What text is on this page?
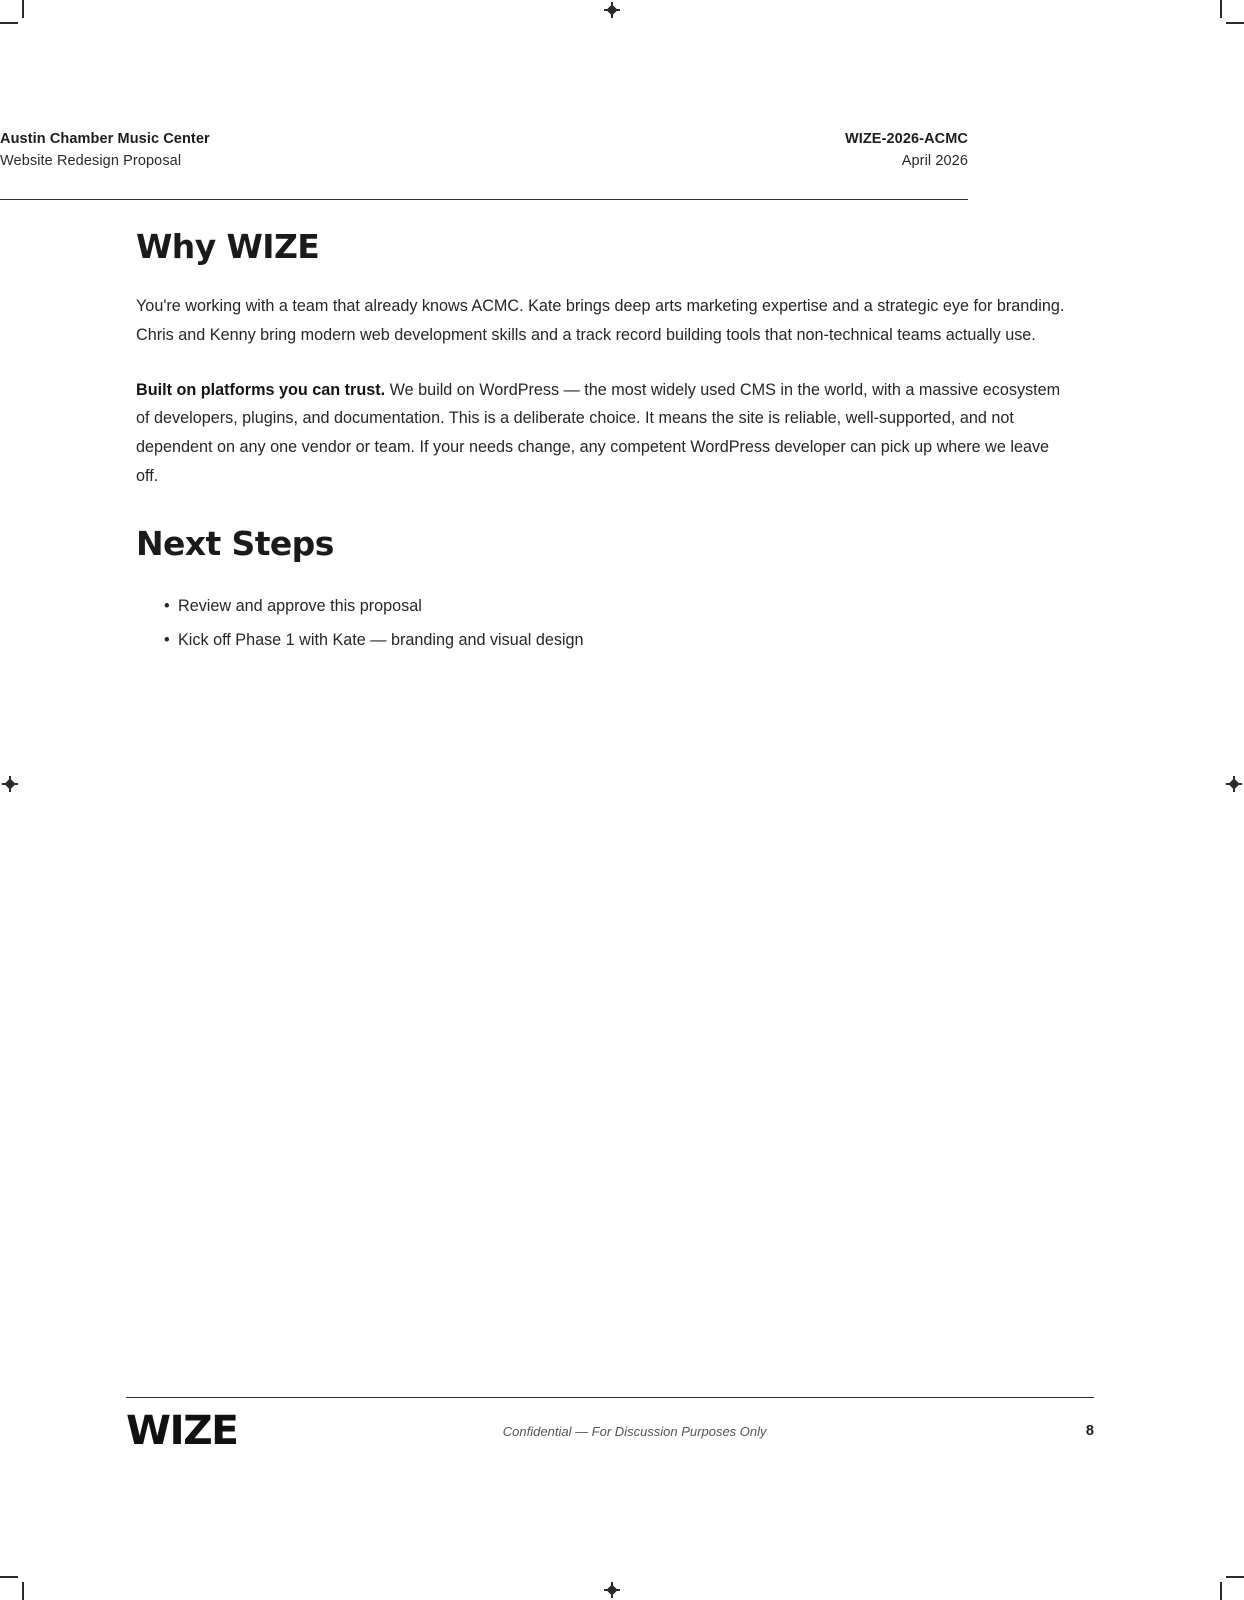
Austin Chamber Music Center
Website Redesign Proposal
WIZE-2026-ACMC
April 2026
Why WIZE

You're working with a team that already knows ACMC. Kate brings deep arts marketing expertise and a strategic eye for branding. Chris and Kenny bring modern web development skills and a track record building tools that non-technical teams actually use.

Built on platforms you can trust. We build on WordPress — the most widely used CMS in the world, with a massive ecosystem of developers, plugins, and documentation. This is a deliberate choice. It means the site is reliable, well-supported, and not dependent on any one vendor or team. If your needs change, any competent WordPress developer can pick up where we leave off.

Next Steps
• Review and approve this proposal
• Kick off Phase 1 with Kate — branding and visual design
WIZE	Confidential — For Discussion Purposes Only	8
